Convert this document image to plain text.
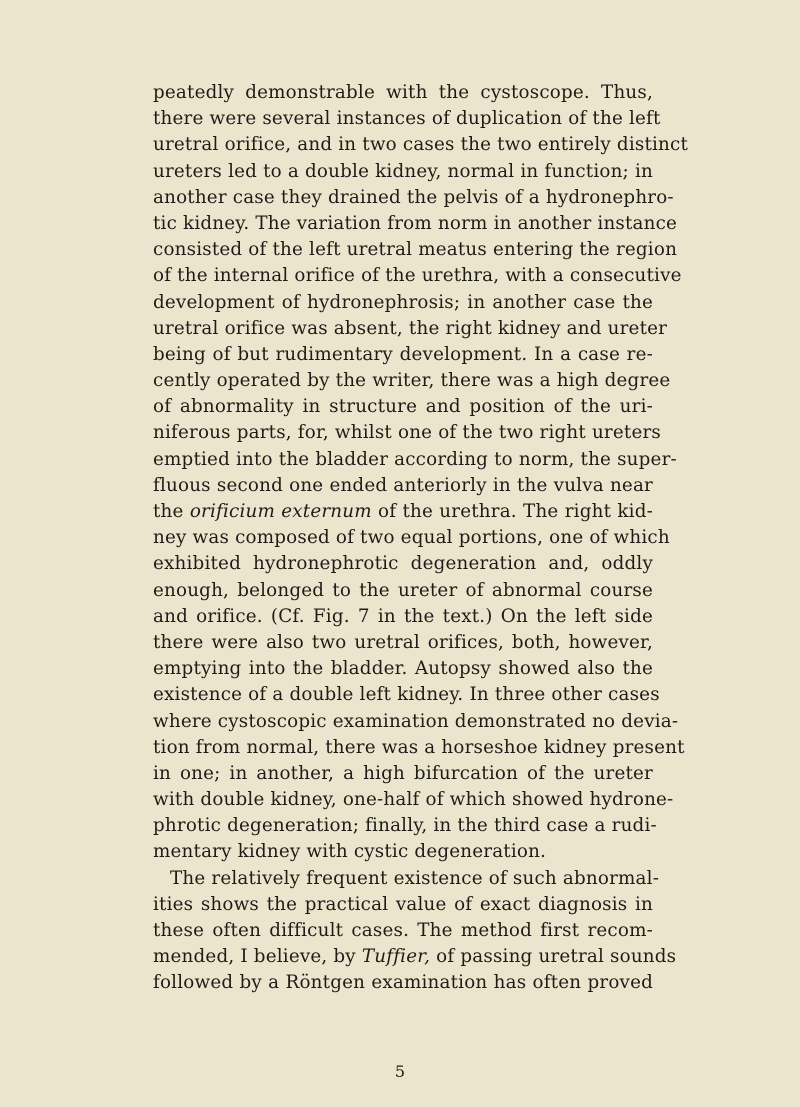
peatedly demonstrable with the cystoscope. Thus,
there were several instances of duplication of the left
uretral orifice, and in two cases the two entirely distinct
ureters led to a double kidney, normal in function; in
another case they drained the pelvis of a hydronephro-
tic kidney. The variation from norm in another instance
consisted of the left uretral meatus entering the region
of the internal orifice of the urethra, with a consecutive
development of hydronephrosis; in another case the
uretral orifice was absent, the right kidney and ureter
being of but rudimentary development. In a case re-
cently operated by the writer, there was a high degree
of abnormality in structure and position of the uri-
niferous parts, for, whilst one of the two right ureters
emptied into the bladder according to norm, the super-
fluous second one ended anteriorly in the vulva near
the orificium externum of the urethra. The right kid-
ney was composed of two equal portions, one of which
exhibited hydronephrotic degeneration and, oddly
enough, belonged to the ureter of abnormal course
and orifice. (Cf. Fig. 7 in the text.) On the left side
there were also two uretral orifices, both, however,
emptying into the bladder. Autopsy showed also the
existence of a double left kidney. In three other cases
where cystoscopic examination demonstrated no devia-
tion from normal, there was a horseshoe kidney present
in one; in another, a high bifurcation of the ureter
with double kidney, one-half of which showed hydrone-
phrotic degeneration; finally, in the third case a rudi-
mentary kidney with cystic degeneration.
The relatively frequent existence of such abnormal-
ities shows the practical value of exact diagnosis in
these often difficult cases. The method first recom-
mended, I believe, by Tuffier, of passing uretral sounds
followed by a Röntgen examination has often proved
5
